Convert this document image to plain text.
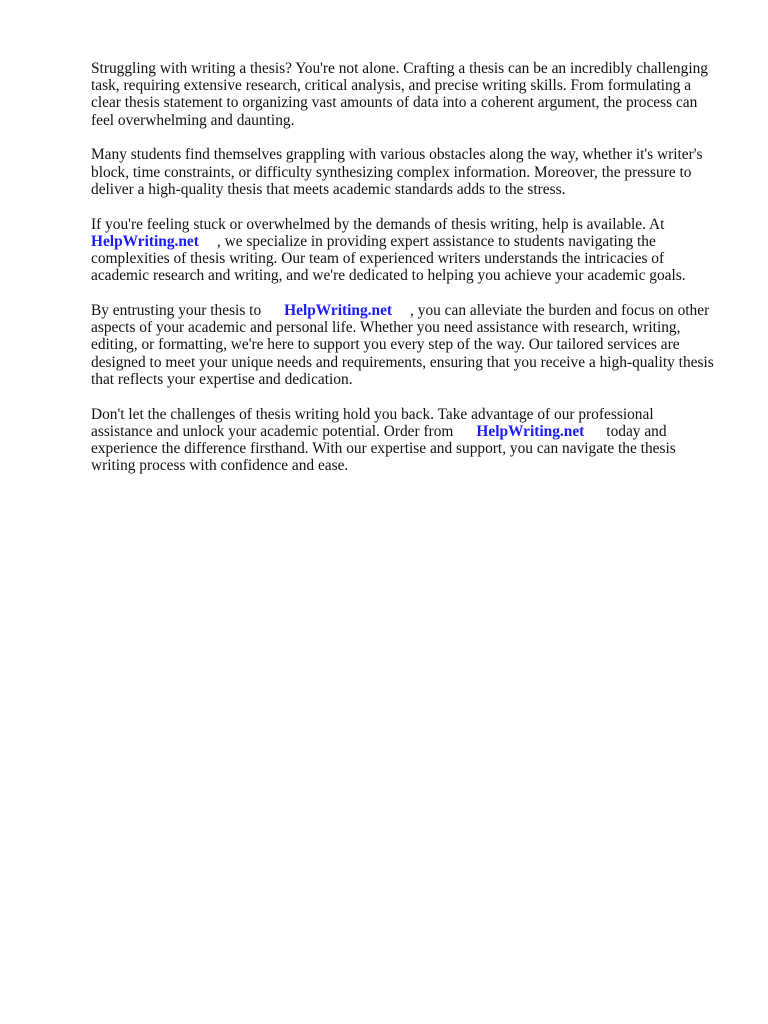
Struggling with writing a thesis? You're not alone. Crafting a thesis can be an incredibly challenging
task, requiring extensive research, critical analysis, and precise writing skills. From formulating a
clear thesis statement to organizing vast amounts of data into a coherent argument, the process can
feel overwhelming and daunting.

Many students find themselves grappling with various obstacles along the way, whether it's writer's
block, time constraints, or difficulty synthesizing complex information. Moreover, the pressure to
deliver a high-quality thesis that meets academic standards adds to the stress.

If you're feeling stuck or overwhelmed by the demands of thesis writing, help is available. At
HelpWriting.net , we specialize in providing expert assistance to students navigating the
complexities of thesis writing. Our team of experienced writers understands the intricacies of
academic research and writing, and we're dedicated to helping you achieve your academic goals.

By entrusting your thesis to HelpWriting.net , you can alleviate the burden and focus on other
aspects of your academic and personal life. Whether you need assistance with research, writing,
editing, or formatting, we're here to support you every step of the way. Our tailored services are
designed to meet your unique needs and requirements, ensuring that you receive a high-quality thesis
that reflects your expertise and dedication.

Don't let the challenges of thesis writing hold you back. Take advantage of our professional
assistance and unlock your academic potential. Order from HelpWriting.net today and
experience the difference firsthand. With our expertise and support, you can navigate the thesis
writing process with confidence and ease.
